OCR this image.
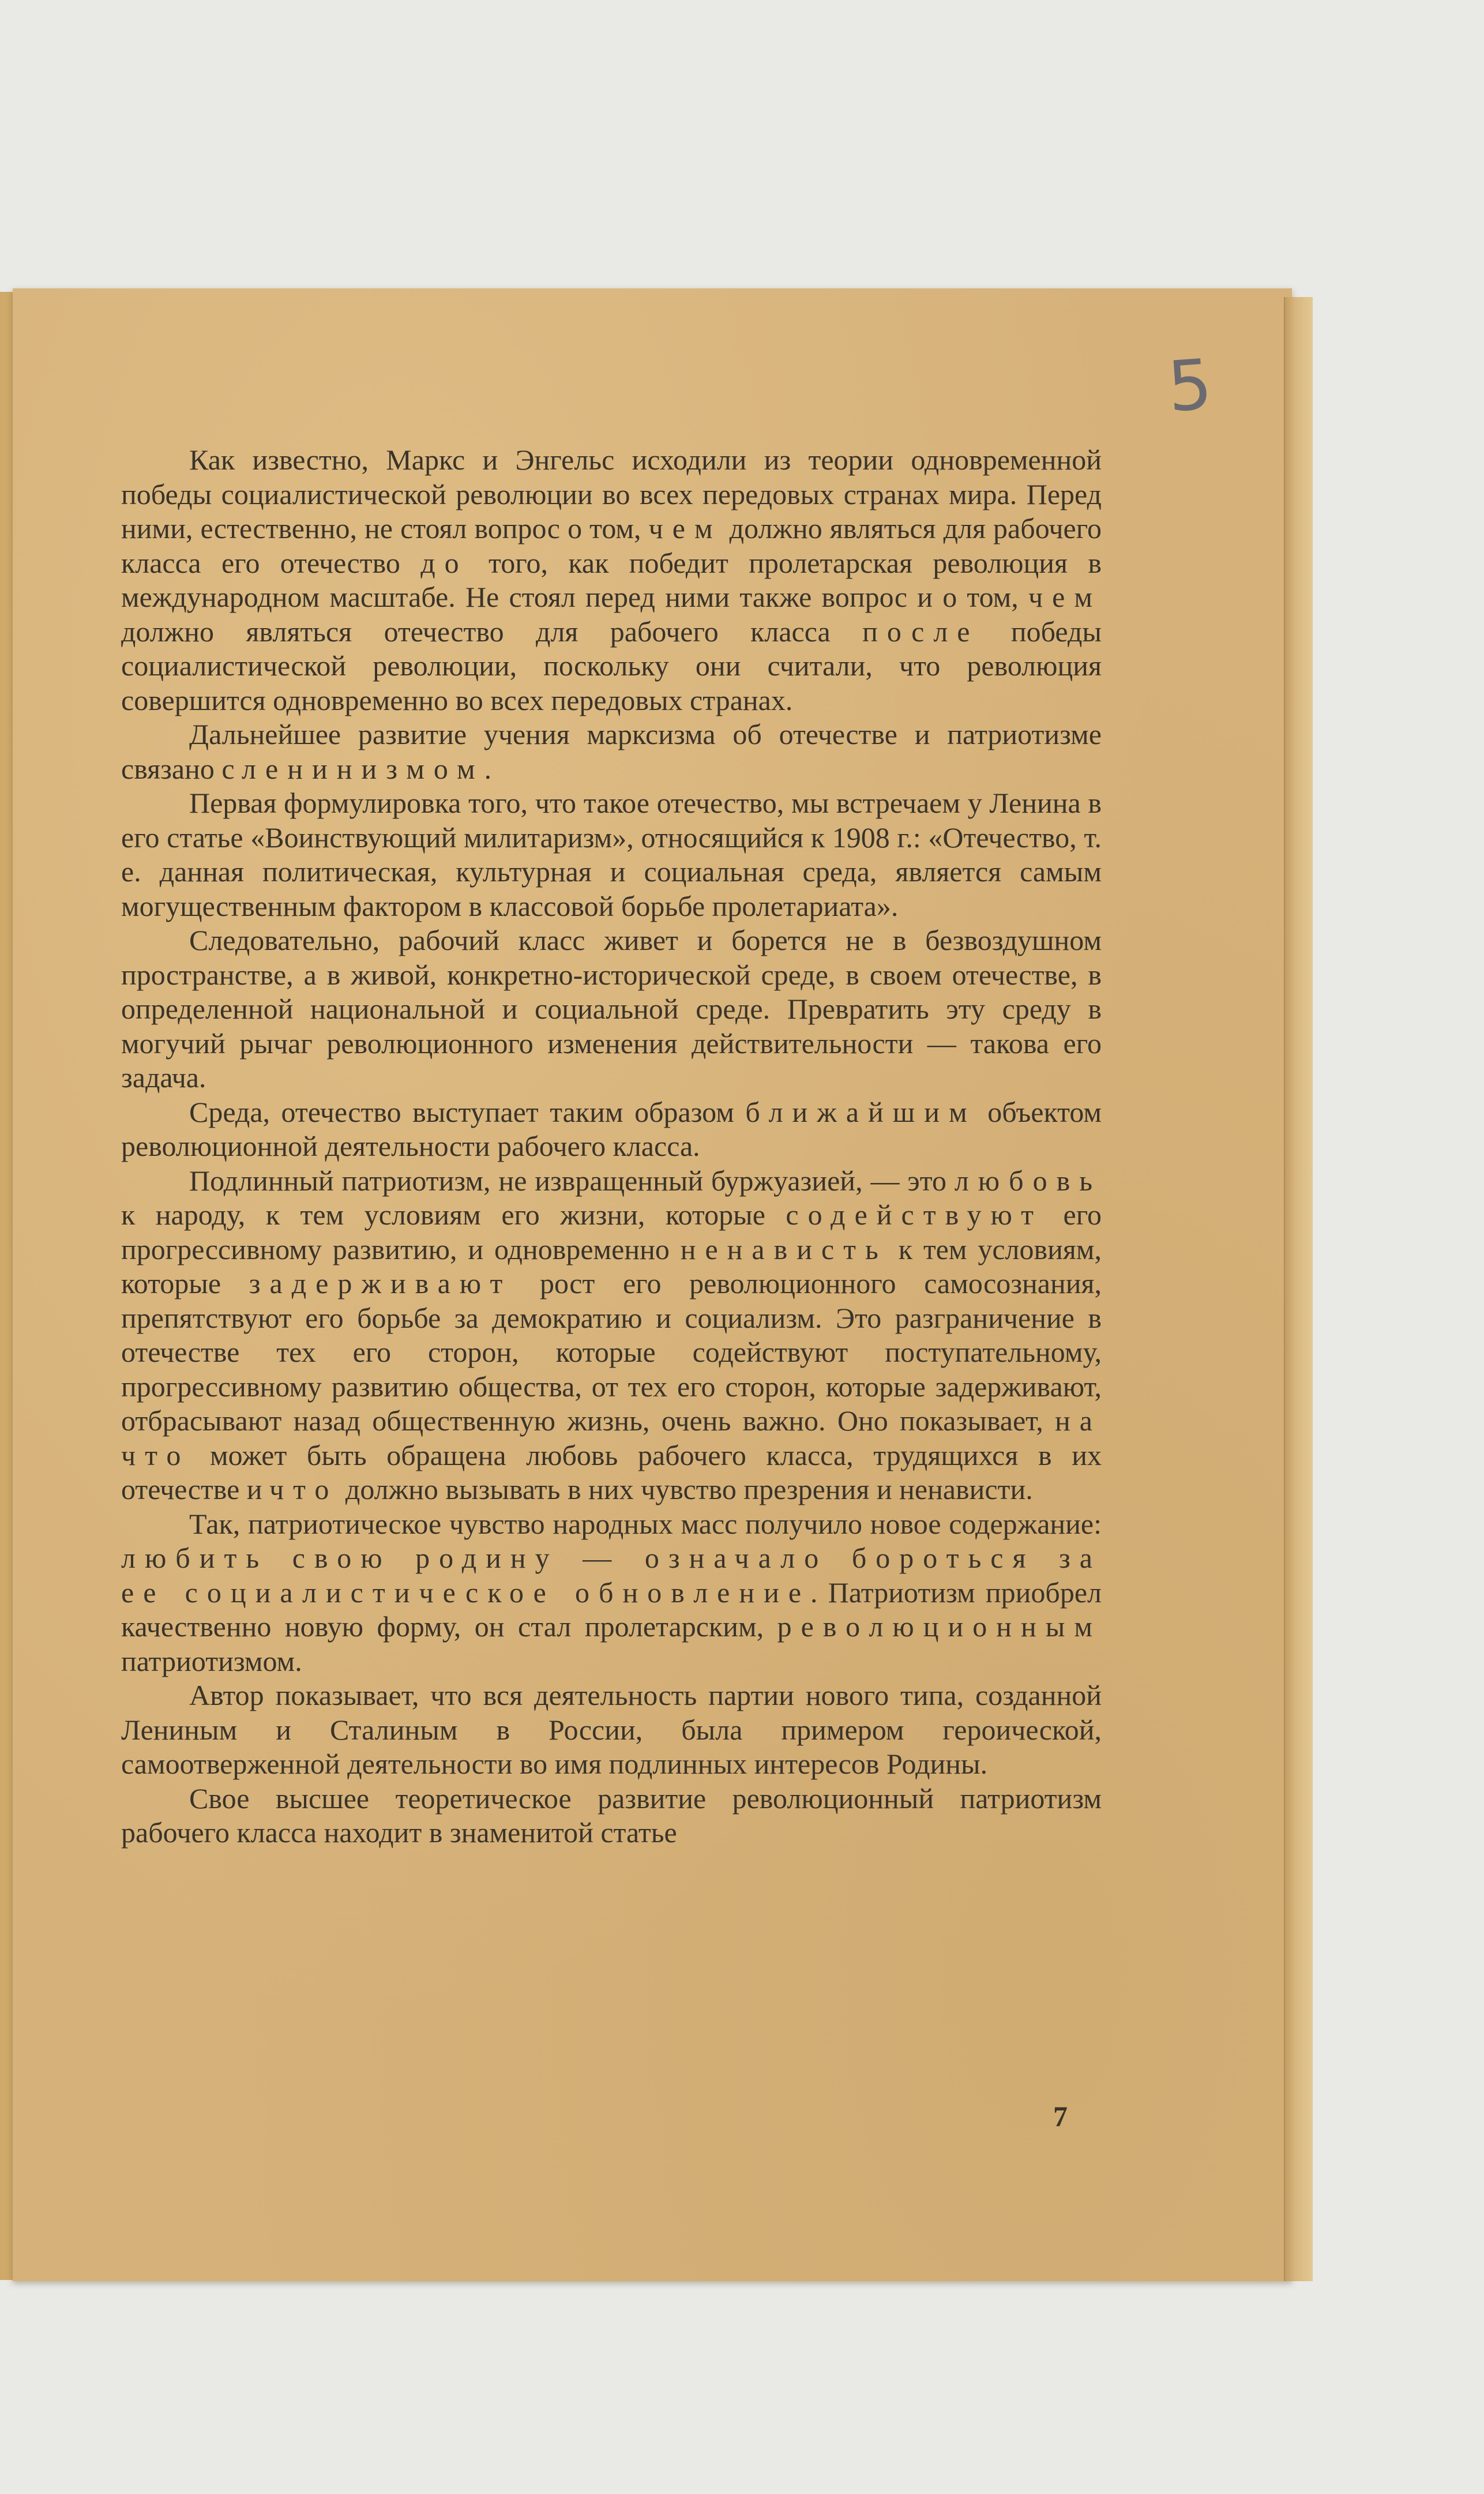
5

Как известно, Маркс и Энгельс исходили из теории одновременной победы социалистической революции во всех передовых странах мира. Перед ними, естественно, не стоял вопрос о том, чем должно являться для рабочего класса его отечество до того, как победит пролетарская революция в международном масштабе. Не стоял перед ними также вопрос и о том, чем должно являться отечество для рабочего класса после победы социалистической революции, поскольку они считали, что революция совершится одновременно во всех передовых странах.

Дальнейшее развитие учения марксизма об отечестве и патриотизме связано с ленинизмом.

Первая формулировка того, что такое отечество, мы встречаем у Ленина в его статье «Воинствующий милитаризм», относящийся к 1908 г.: «Отечество, т. е. данная политическая, культурная и социальная среда, является самым могущественным фактором в классовой борьбе пролетариата».

Следовательно, рабочий класс живет и борется не в безвоздушном пространстве, а в живой, конкретно-исторической среде, в своем отечестве, в определенной национальной и социальной среде. Превратить эту среду в могучий рычаг революционного изменения действительности — такова его задача.

Среда, отечество выступает таким образом ближайшим объектом революционной деятельности рабочего класса.

Подлинный патриотизм, не извращенный буржуазией, — это любовь к народу, к тем условиям его жизни, которые содействуют его прогрессивному развитию, и одновременно ненависть к тем условиям, которые задерживают рост его революционного самосознания, препятствуют его борьбе за демократию и социализм. Это разграничение в отечестве тех его сторон, которые содействуют поступательному, прогрессивному развитию общества, от тех его сторон, которые задерживают, отбрасывают назад общественную жизнь, очень важно. Оно показывает, на что может быть обращена любовь рабочего класса, трудящихся в их отечестве и что должно вызывать в них чувство презрения и ненависти.

Так, патриотическое чувство народных масс получило новое содержание: любить свою родину — означало бороться за ее социалистическое обновление. Патриотизм приобрел качественно новую форму, он стал пролетарским, революционным патриотизмом.

Автор показывает, что вся деятельность партии нового типа, созданной Лениным и Сталиным в России, была примером героической, самоотверженной деятельности во имя подлинных интересов Родины.

Свое высшее теоретическое развитие революционный патриотизм рабочего класса находит в знаменитой статье

7
